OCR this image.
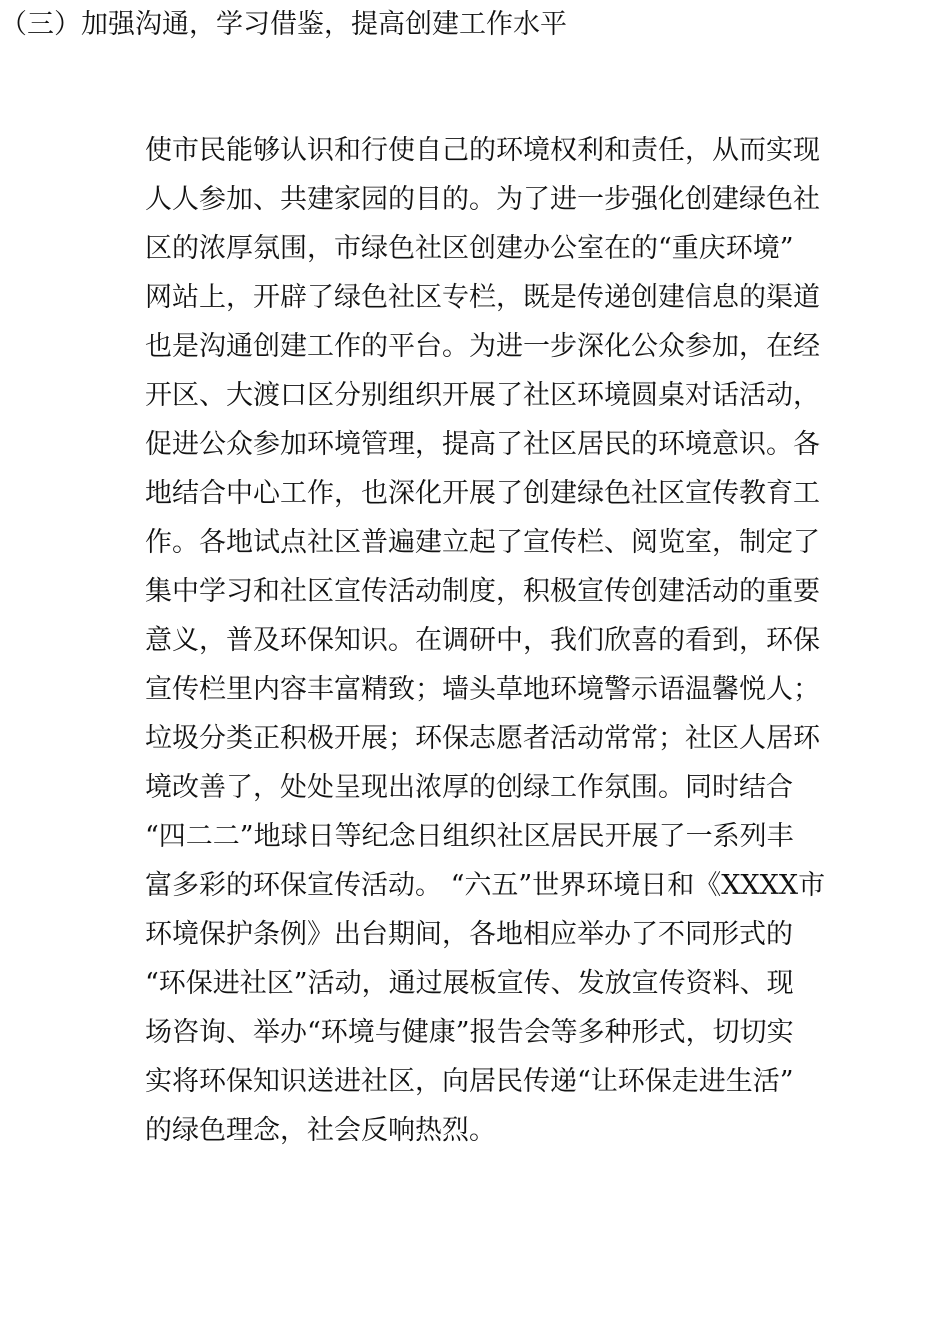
使市民能够认识和行使自己的环境权利和责任，从而实现
人人参加、共建家园的目的。为了进一步强化创建绿色社
区的浓厚氛围，市绿色社区创建办公室在的“重庆环境”
网站上，开辟了绿色社区专栏，既是传递创建信息的渠道
也是沟通创建工作的平台。为进一步深化公众参加，在经
开区、大渡口区分别组织开展了社区环境圆桌对话活动，
促进公众参加环境管理，提高了社区居民的环境意识。各
地结合中心工作，也深化开展了创建绿色社区宣传教育工
作。各地试点社区普遍建立起了宣传栏、阅览室，制定了
集中学习和社区宣传活动制度，积极宣传创建活动的重要
意义，普及环保知识。在调研中，我们欣喜的看到，环保
宣传栏里内容丰富精致；墙头草地环境警示语温馨悦人；
垃圾分类正积极开展；环保志愿者活动常常；社区人居环
境改善了，处处呈现出浓厚的创绿工作氛围。同时结合
“四二二”地球日等纪念日组织社区居民开展了一系列丰
富多彩的环保宣传活动。 “六五”世界环境日和《XXXX市
环境保护条例》出台期间，各地相应举办了不同形式的
“环保进社区”活动，通过展板宣传、发放宣传资料、现
场咨询、举办“环境与健康”报告会等多种形式，切切实
实将环保知识送进社区，向居民传递“让环保走进生活”
的绿色理念，社会反响热烈。
（三）加强沟通，学习借鉴，提高创建工作水平
